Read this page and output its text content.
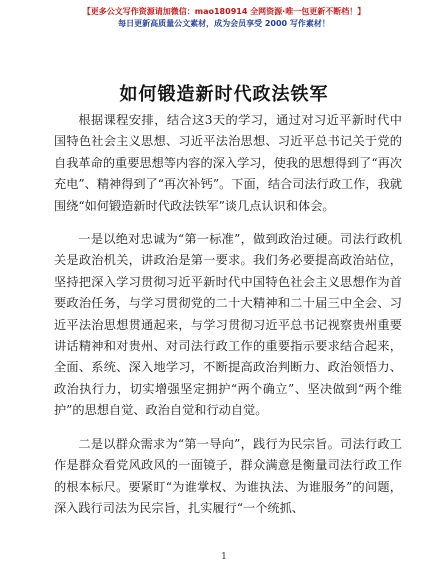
【更多公文写作资源请加微信：mao180914 全网资源·唯一包更新不断档！】
每日更新高质量公文素材，成为会员享受 2000 写作素材！
如何锻造新时代政法铁军

根据课程安排，结合这3天的学习，通过对习近平新时代中国特色社会主义思想、习近平法治思想、习近平总书记关于党的自我革命的重要思想等内容的深入学习，使我的思想得到了“再次充电”、精神得到了“再次补钙”。下面，结合司法行政工作，我就围绕“如何锻造新时代政法铁军”谈几点认识和体会。

一是以绝对忠诚为“第一标准”，做到政治过硬。司法行政机关是政治机关，讲政治是第一要求。我们务必要提高政治站位，坚持把深入学习贯彻习近平新时代中国特色社会主义思想作为首要政治任务，与学习贯彻党的二十大精神和二十届三中全会、习近平法治思想贯通起来，与学习贯彻习近平总书记视察贵州重要讲话精神和对贵州、对司法行政工作的重要指示要求结合起来，全面、系统、深入地学习，不断提高政治判断力、政治领悟力、政治执行力，切实增强坚定拥护“两个确立”、坚决做到“两个维护”的思想自觉、政治自觉和行动自觉。

二是以群众需求为“第一导向”，践行为民宗旨。司法行政工作是群众看党风政风的一面镜子，群众满意是衡量司法行政工作的根本标尺。要紧盯“为谁掌权、为谁执法、为谁服务”的问题，深入践行司法为民宗旨，扎实履行“一个统抓、

1
